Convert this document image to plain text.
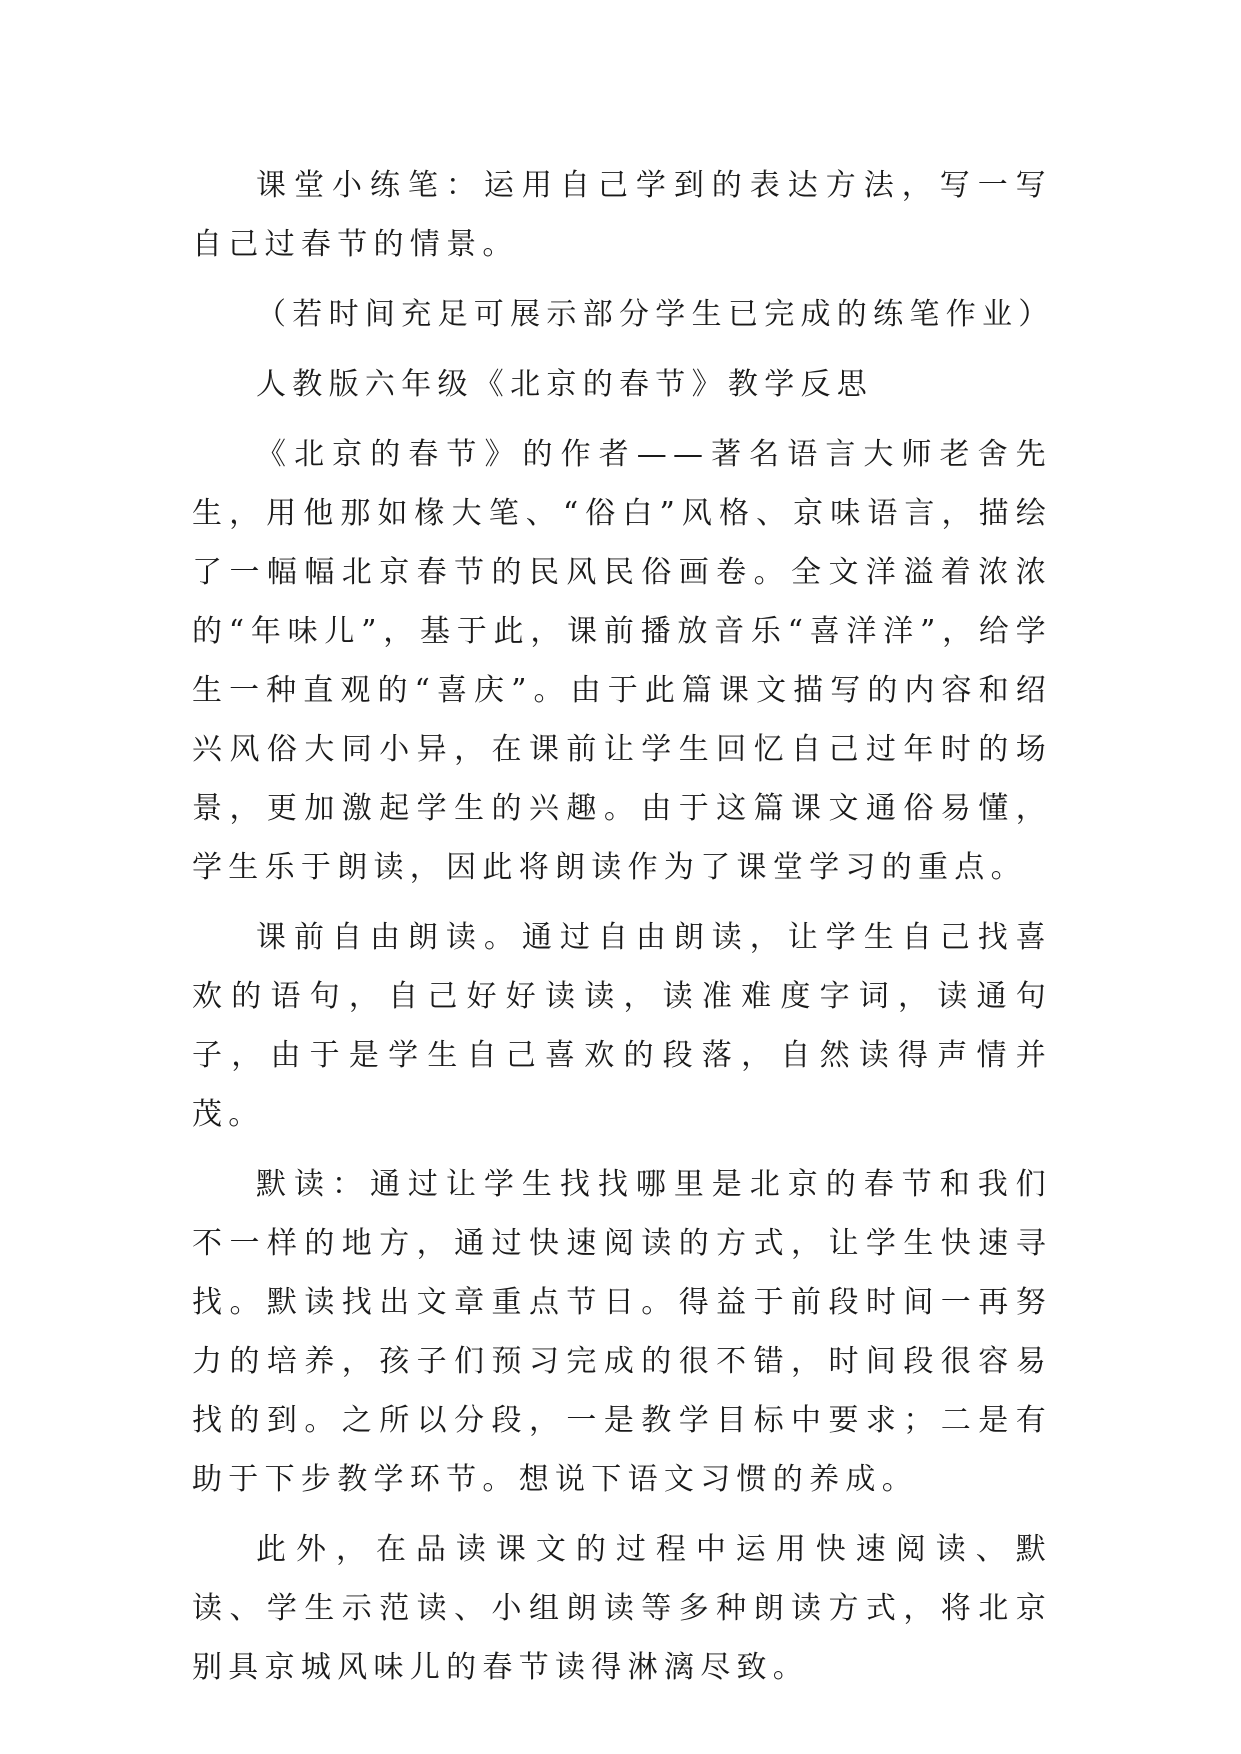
课堂小练笔：运用自己学到的表达方法，写一写自己过春节的情景。

（若时间充足可展示部分学生已完成的练笔作业）

人教版六年级《北京的春节》教学反思

《北京的春节》的作者——著名语言大师老舍先生，用他那如椽大笔、“俗白”风格、京味语言，描绘了一幅幅北京春节的民风民俗画卷。全文洋溢着浓浓的“年味儿”，基于此，课前播放音乐“喜洋洋”，给学生一种直观的“喜庆”。由于此篇课文描写的内容和绍兴风俗大同小异，在课前让学生回忆自己过年时的场景，更加激起学生的兴趣。由于这篇课文通俗易懂，学生乐于朗读，因此将朗读作为了课堂学习的重点。

课前自由朗读。通过自由朗读，让学生自己找喜欢的语句，自己好好读读，读准难度字词，读通句子，由于是学生自己喜欢的段落，自然读得声情并茂。

默读：通过让学生找找哪里是北京的春节和我们不一样的地方，通过快速阅读的方式，让学生快速寻找。默读找出文章重点节日。得益于前段时间一再努力的培养，孩子们预习完成的很不错，时间段很容易找的到。之所以分段，一是教学目标中要求；二是有助于下步教学环节。想说下语文习惯的养成。

此外，在品读课文的过程中运用快速阅读、默读、学生示范读、小组朗读等多种朗读方式，将北京别具京城风味儿的春节读得淋漓尽致。
